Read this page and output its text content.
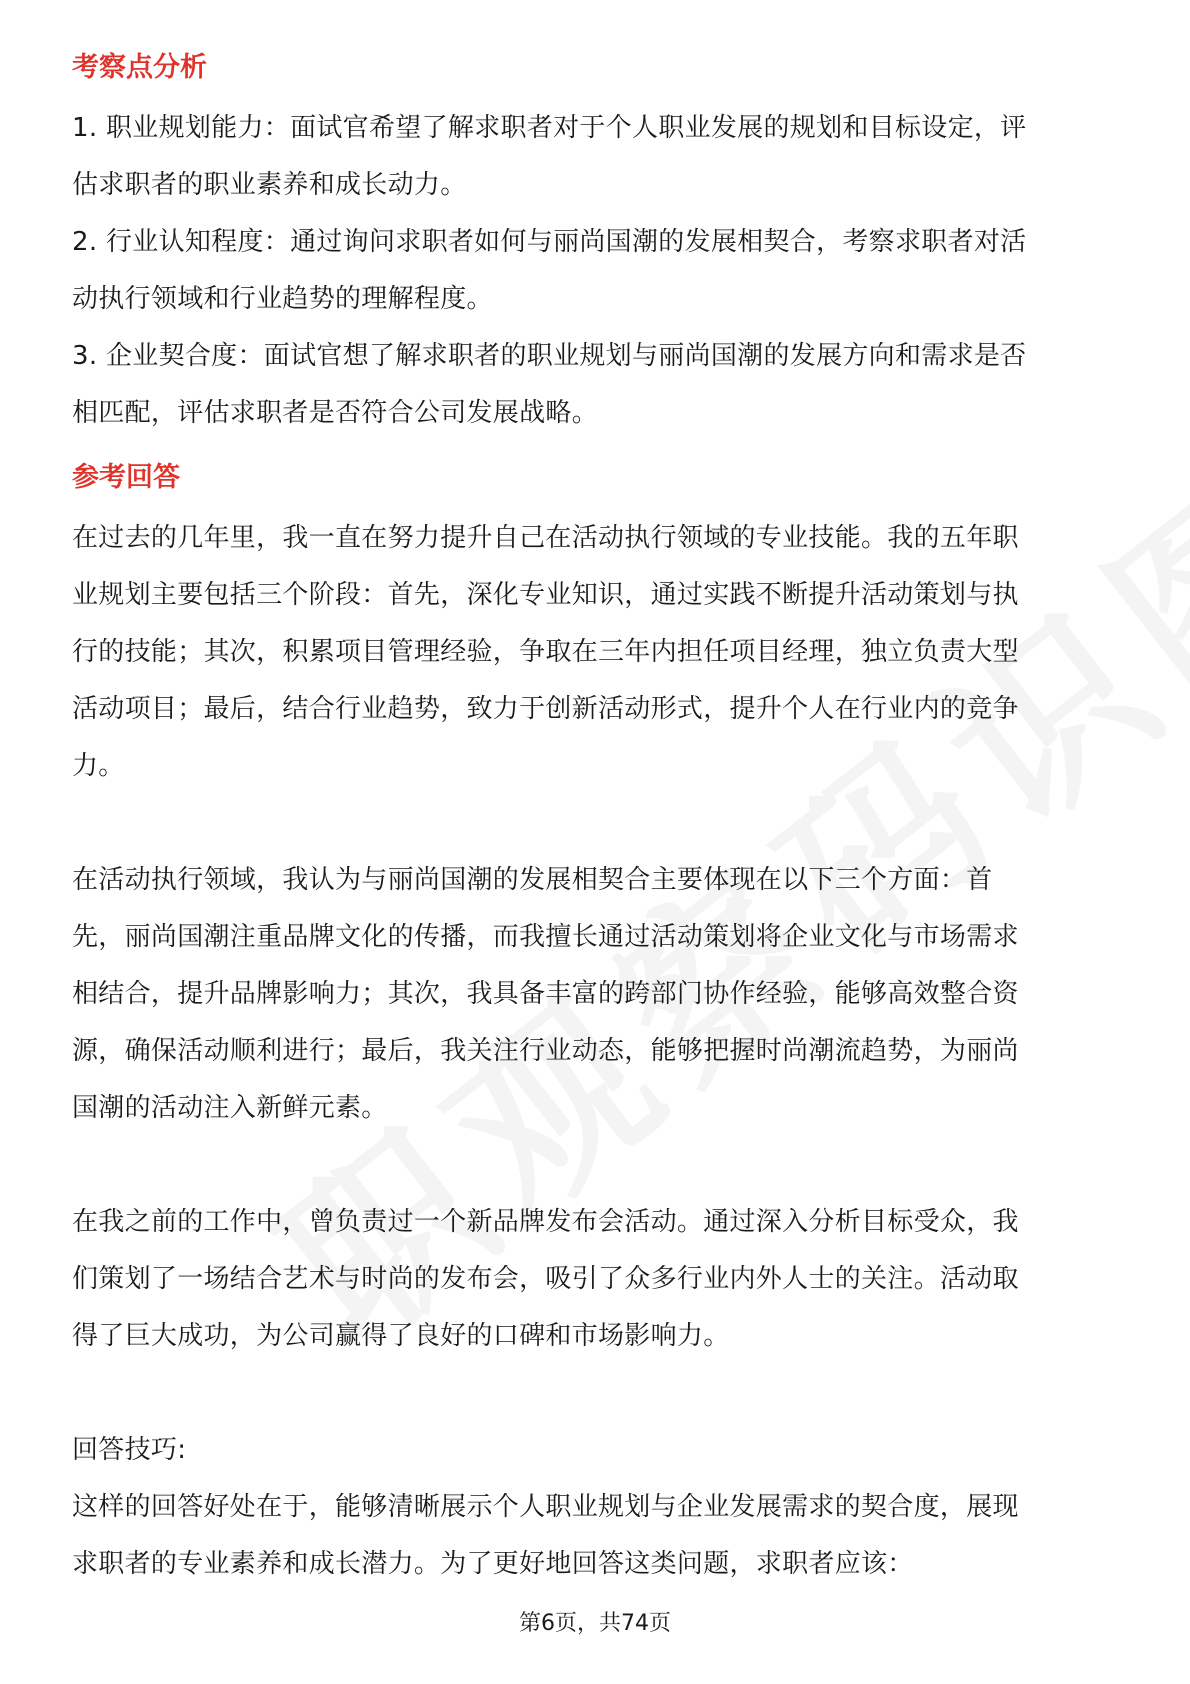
考察点分析

1. 职业规划能力：面试官希望了解求职者对于个人职业发展的规划和目标设定，评

估求职者的职业素养和成长动力。

2. 行业认知程度：通过询问求职者如何与丽尚国潮的发展相契合，考察求职者对活

动执行领域和行业趋势的理解程度。

3. 企业契合度：面试官想了解求职者的职业规划与丽尚国潮的发展方向和需求是否

相匹配，评估求职者是否符合公司发展战略。

参考回答

在过去的几年里，我一直在努力提升自己在活动执行领域的专业技能。我的五年职

业规划主要包括三个阶段：首先，深化专业知识，通过实践不断提升活动策划与执

行的技能；其次，积累项目管理经验，争取在三年内担任项目经理，独立负责大型

活动项目；最后，结合行业趋势，致力于创新活动形式，提升个人在行业内的竞争

力。

在活动执行领域，我认为与丽尚国潮的发展相契合主要体现在以下三个方面：首

先，丽尚国潮注重品牌文化的传播，而我擅长通过活动策划将企业文化与市场需求

相结合，提升品牌影响力；其次，我具备丰富的跨部门协作经验，能够高效整合资

源，确保活动顺利进行；最后，我关注行业动态，能够把握时尚潮流趋势，为丽尚

国潮的活动注入新鲜元素。

在我之前的工作中，曾负责过一个新品牌发布会活动。通过深入分析目标受众，我

们策划了一场结合艺术与时尚的发布会，吸引了众多行业内外人士的关注。活动取

得了巨大成功，为公司赢得了良好的口碑和市场影响力。

回答技巧:

这样的回答好处在于，能够清晰展示个人职业规划与企业发展需求的契合度，展现

求职者的专业素养和成长潜力。为了更好地回答这类问题，求职者应该：

第6页，共74页
